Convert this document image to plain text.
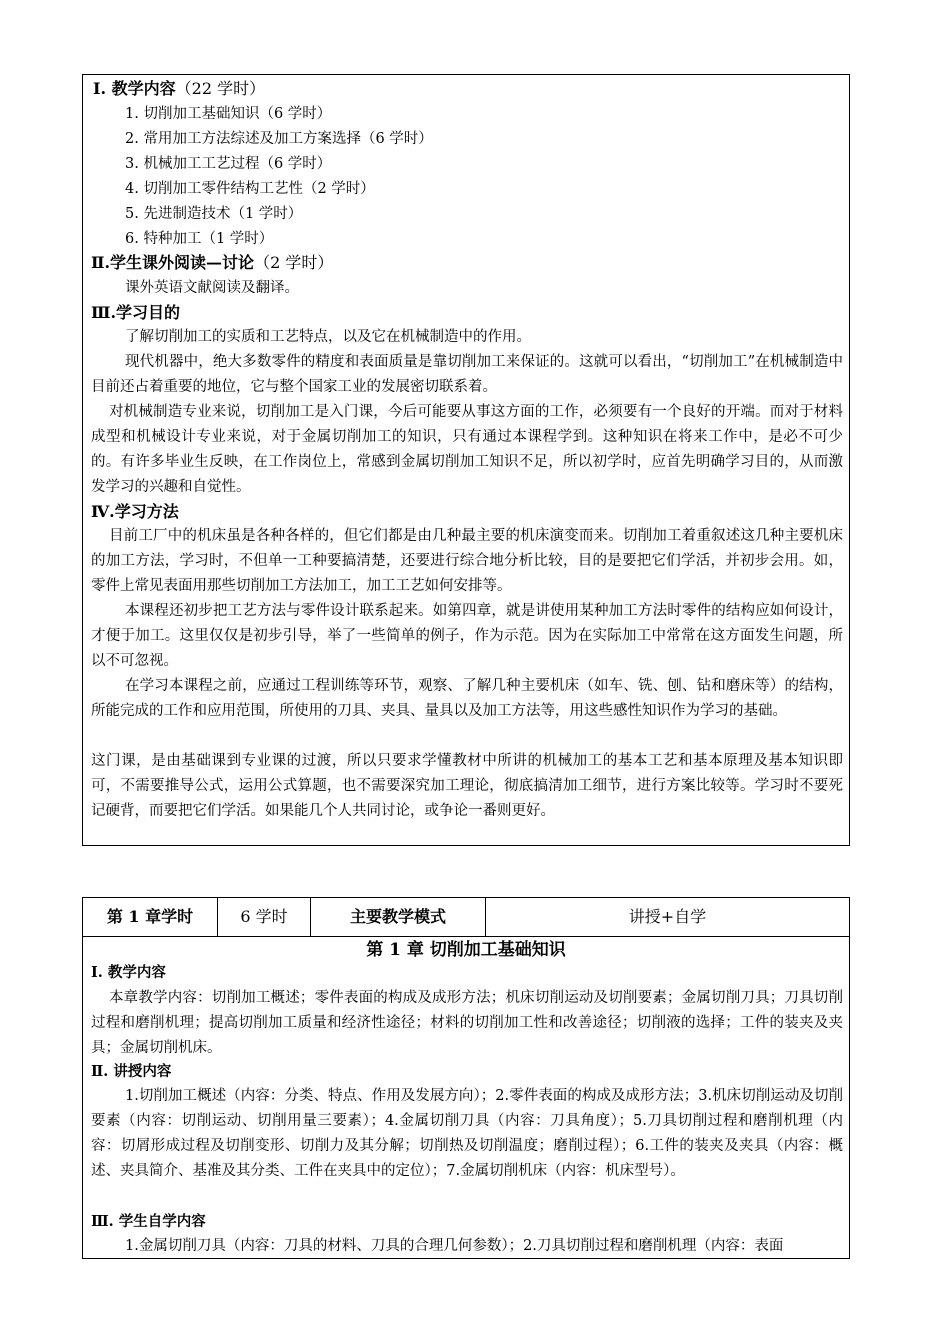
Ⅰ. 教学内容（22 学时）
1. 切削加工基础知识（6 学时）
2. 常用加工方法综述及加工方案选择（6 学时）
3. 机械加工工艺过程（6 学时）
4. 切削加工零件结构工艺性（2 学时）
5. 先进制造技术（1 学时）
6. 特种加工（1 学时）
Ⅱ.学生课外阅读—讨论（2 学时）
课外英语文献阅读及翻译。
Ⅲ.学习目的
了解切削加工的实质和工艺特点，以及它在机械制造中的作用。
现代机器中，绝大多数零件的精度和表面质量是靠切削加工来保证的。这就可以看出，“切削加工”在机械制造中目前还占着重要的地位，它与整个国家工业的发展密切联系着。
对机械制造专业来说，切削加工是入门课，今后可能要从事这方面的工作，必须要有一个良好的开端。而对于材料成型和机械设计专业来说，对于金属切削加工的知识，只有通过本课程学到。这种知识在将来工作中，是必不可少的。有许多毕业生反映，在工作岗位上，常感到金属切削加工知识不足，所以初学时，应首先明确学习目的，从而激发学习的兴趣和自觉性。
Ⅳ.学习方法
目前工厂中的机床虽是各种各样的，但它们都是由几种最主要的机床演变而来。切削加工着重叙述这几种主要机床的加工方法，学习时，不但单一工种要搞清楚，还要进行综合地分析比较，目的是要把它们学活，并初步会用。如，零件上常见表面用那些切削加工方法加工，加工工艺如何安排等。
本课程还初步把工艺方法与零件设计联系起来。如第四章，就是讲使用某种加工方法时零件的结构应如何设计，才便于加工。这里仅仅是初步引导，举了一些简单的例子，作为示范。因为在实际加工中常常在这方面发生问题，所以不可忽视。
在学习本课程之前，应通过工程训练等环节，观察、了解几种主要机床（如车、铣、刨、钻和磨床等）的结构，所能完成的工作和应用范围，所使用的刀具、夹具、量具以及加工方法等，用这些感性知识作为学习的基础。
这门课，是由基础课到专业课的过渡，所以只要求学懂教材中所讲的机械加工的基本工艺和基本原理及基本知识即可，不需要推导公式，运用公式算题，也不需要深究加工理论，彻底搞清加工细节，进行方案比较等。学习时不要死记硬背，而要把它们学活。如果能几个人共同讨论，或争论一番则更好。
第 1 章学时	6 学时	主要教学模式	讲授+自学
第 1 章 切削加工基础知识
Ⅰ. 教学内容
本章教学内容：切削加工概述；零件表面的构成及成形方法；机床切削运动及切削要素；金属切削刀具；刀具切削过程和磨削机理；提高切削加工质量和经济性途径；材料的切削加工性和改善途径；切削液的选择；工件的装夹及夹具；金属切削机床。
Ⅱ. 讲授内容
1.切削加工概述（内容：分类、特点、作用及发展方向）；2.零件表面的构成及成形方法；3.机床切削运动及切削要素（内容：切削运动、切削用量三要素）；4.金属切削刀具（内容：刀具角度）；5.刀具切削过程和磨削机理（内容：切屑形成过程及切削变形、切削力及其分解；切削热及切削温度；磨削过程）；6.工件的装夹及夹具（内容：概述、夹具简介、基准及其分类、工件在夹具中的定位）；7.金属切削机床（内容：机床型号）。
Ⅲ. 学生自学内容
1.金属切削刀具（内容：刀具的材料、刀具的合理几何参数）；2.刀具切削过程和磨削机理（内容：表面
